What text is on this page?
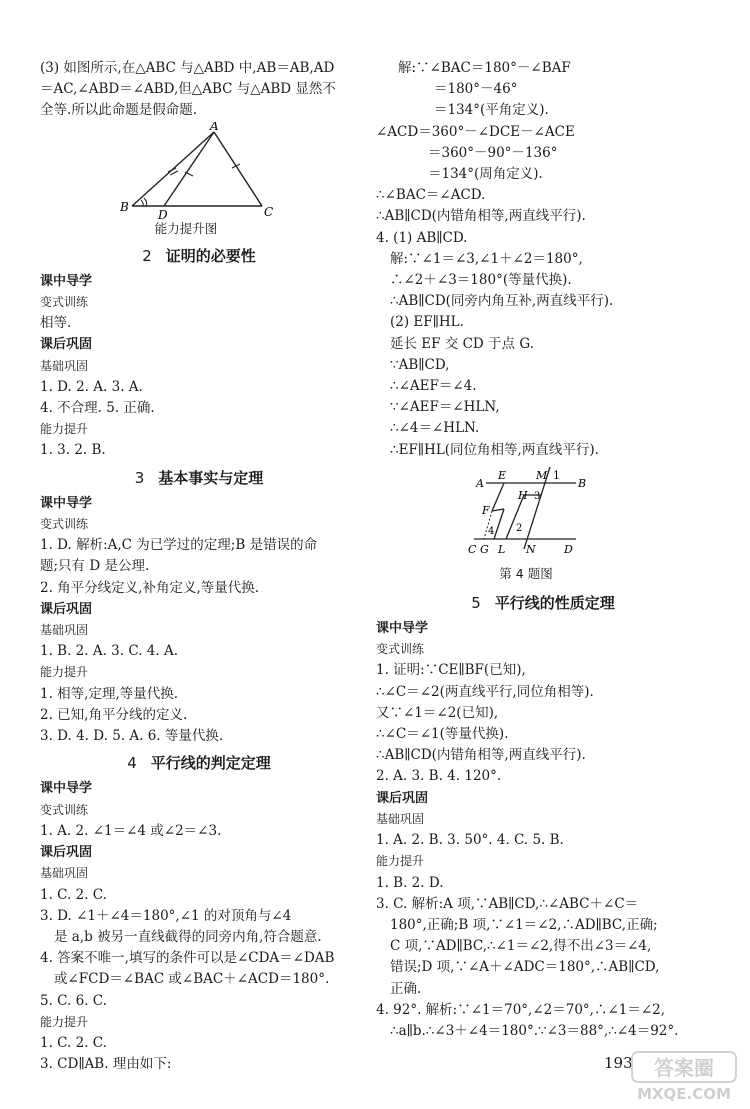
(3) 如图所示,在△ABC 与△ABD 中,AB＝AB,AD
＝AC,∠ABD＝∠ABD,但△ABC 与△ABD 显然不
全等.所以此命题是假命题.
A
B
D	C
能力提升图
2 证明的必要性
课中导学
变式训练
相等.
课后巩固
基础巩固
1. D. 2. A. 3. A.
4. 不合理. 5. 正确.
能力提升
1. 3. 2. B.
3 基本事实与定理
课中导学
变式训练
1. D. 解析:A,C 为已学过的定理;B 是错误的命
题;只有 D 是公理.
2. 角平分线定义,补角定义,等量代换.
课后巩固
基础巩固
1. B. 2. A. 3. C. 4. A.
能力提升
1. 相等,定理,等量代换.
2. 已知,角平分线的定义.
3. D. 4. D. 5. A. 6. 等量代换.
4 平行线的判定定理
课中导学
变式训练
1. A. 2. ∠1＝∠4 或∠2＝∠3.
课后巩固
基础巩固
1. C. 2. C.
3. D. ∠1＋∠4＝180°,∠1 的对顶角与∠4
是 a,b 被另一直线截得的同旁内角,符合题意.
4. 答案不唯一,填写的条件可以是∠CDA＝∠DAB
或∠FCD＝∠BAC 或∠BAC＋∠ACD＝180°.
5. C. 6. C.
能力提升
1. C. 2. C.
3. CD∥AB. 理由如下:
解:∵∠BAC＝180°－∠BAF
＝180°－46°
＝134°(平角定义).
∠ACD＝360°－∠DCE－∠ACE
＝360°－90°－136°
＝134°(周角定义).
∴∠BAC＝∠ACD.
∴AB∥CD(内错角相等,两直线平行).
4. (1) AB∥CD.
解:∵∠1＝∠3,∠1＋∠2＝180°,
∴∠2＋∠3＝180°(等量代换).
∴AB∥CD(同旁内角互补,两直线平行).
(2) EF∥HL.
延长 EF 交 CD 于点 G.
∵AB∥CD,
∴∠AEF＝∠4.
∵∠AEF＝∠HLN,
∴∠4＝∠HLN.
∴EF∥HL(同位角相等,两直线平行).
A
E	M 1
B
H 3
F
4 2
C G L N	D
第 4 题图
5 平行线的性质定理
课中导学
变式训练
1. 证明:∵CE∥BF(已知),
∴∠C＝∠2(两直线平行,同位角相等).
又∵∠1＝∠2(已知),
∴∠C＝∠1(等量代换).
∴AB∥CD(内错角相等,两直线平行).
2. A. 3. B. 4. 120°.
课后巩固
基础巩固
1. A. 2. B. 3. 50°. 4. C. 5. B.
能力提升
1. B. 2. D.
3. C. 解析:A 项,∵AB∥CD,∴∠ABC＋∠C＝
180°,正确;B 项,∵∠1＝∠2,∴AD∥BC,正确;
C 项,∵AD∥BC,∴∠1＝∠2,得不出∠3＝∠4,
错误;D 项,∵∠A＋∠ADC＝180°,∴AB∥CD,
正确.
4. 92°. 解析:∵∠1＝70°,∠2＝70°,∴∠1＝∠2,
∴a∥b.∴∠3＋∠4＝180°.∵∠3＝88°,∴∠4＝92°.
193 答案圈
MXQE.COM
